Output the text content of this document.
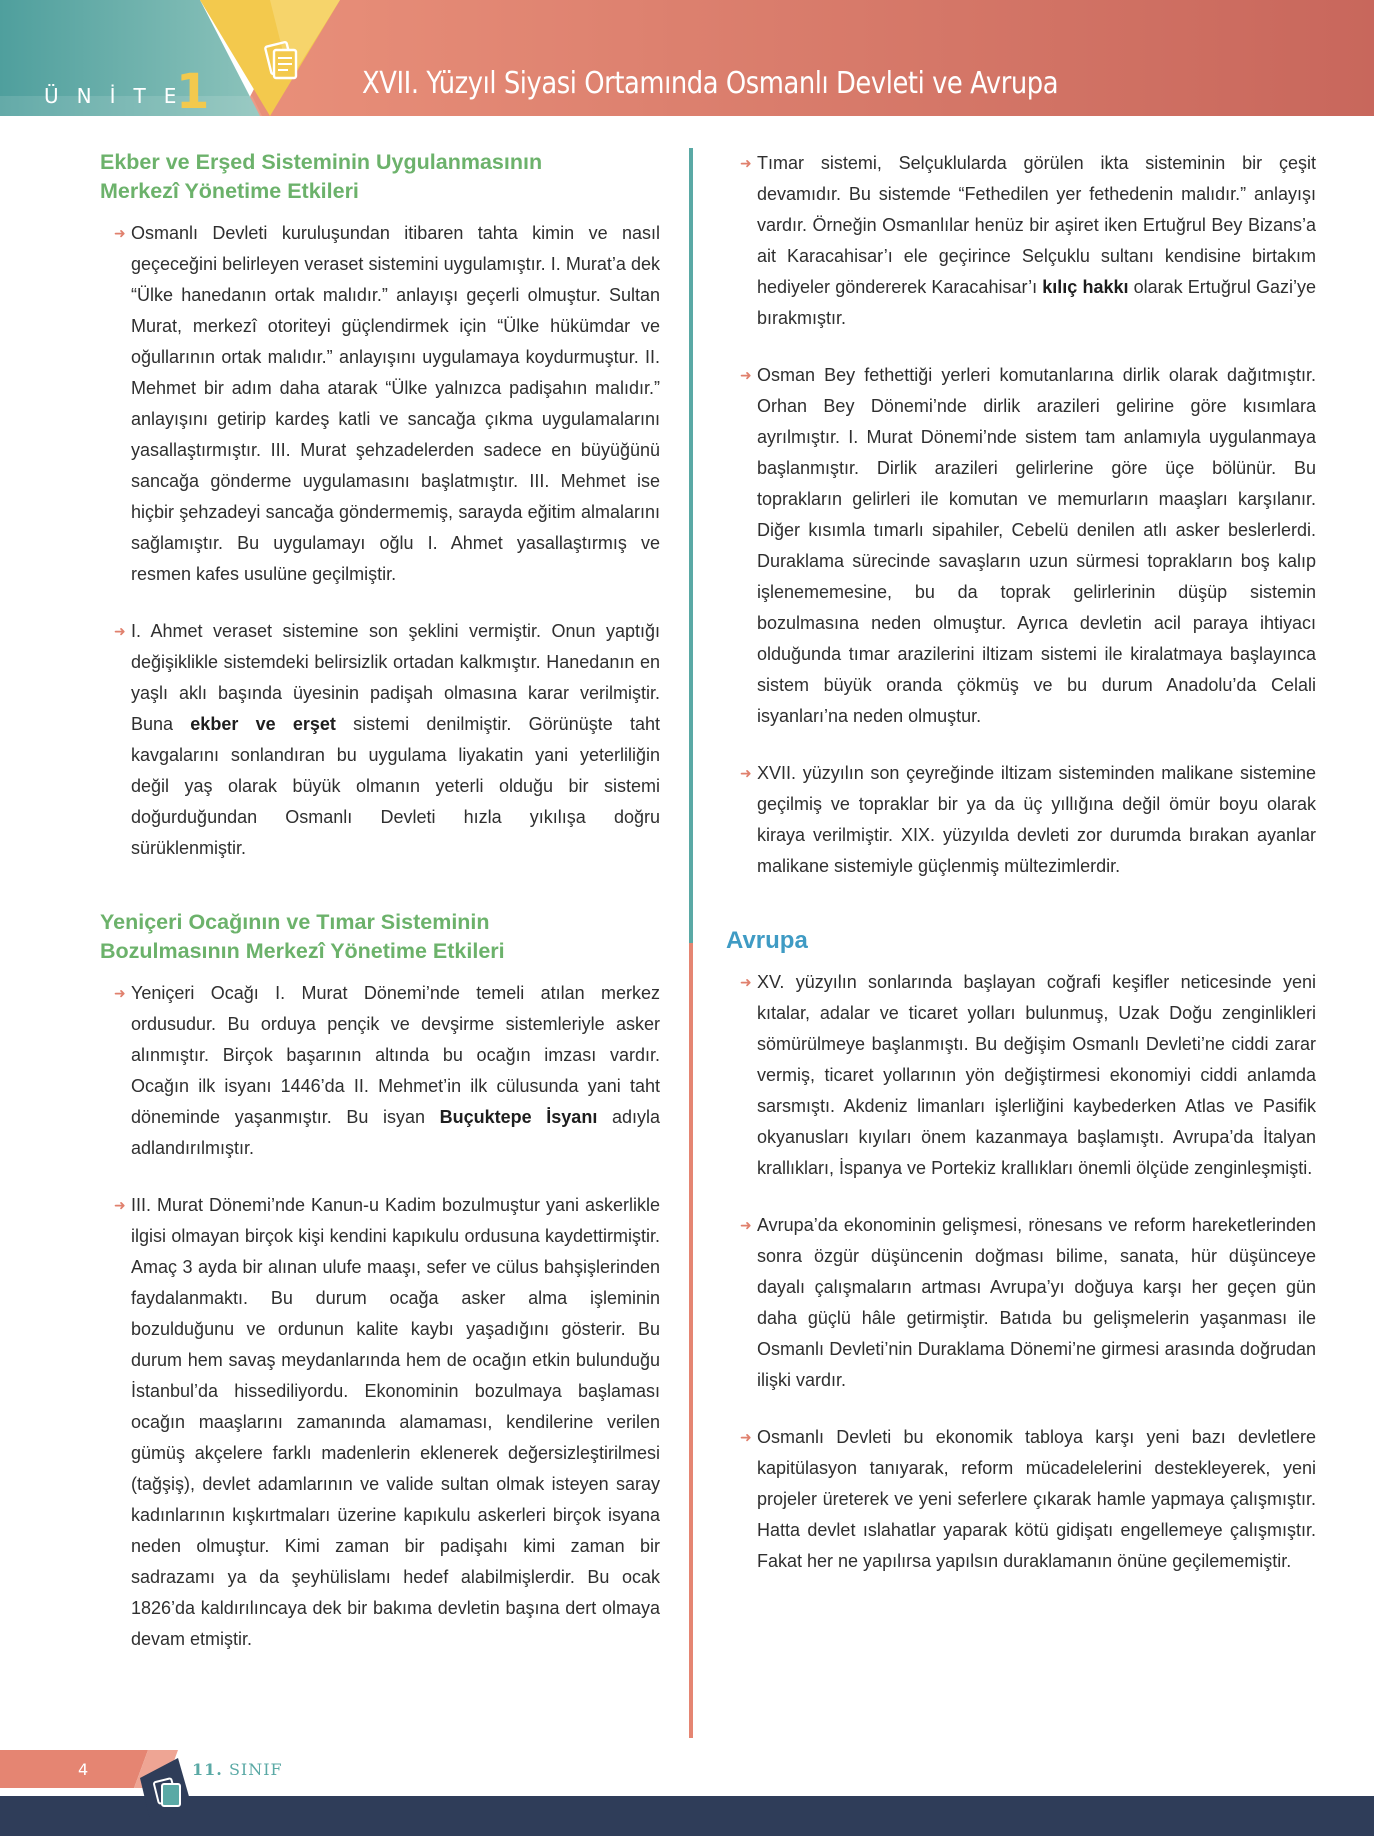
ÜNİTE
1	XVII. Yüzyıl Siyasi Ortamında Osmanlı Devleti ve Avrupa
Ekber ve Erşed Sisteminin Uygulanmasının
Merkezî Yönetime Etkileri
➜ Osmanlı Devleti kuruluşundan itibaren tahta kimin ve nasıl geçeceğini belirleyen veraset sistemini uygulamıştır. I. Murat’a dek “Ülke hanedanın ortak malıdır.” anlayışı geçerli olmuştur. Sultan Murat, merkezî otoriteyi güçlendirmek için “Ülke hükümdar ve oğullarının ortak malıdır.” anlayışını uygulamaya koydurmuştur. II. Mehmet bir adım daha atarak “Ülke yalnızca padişahın malıdır.” anlayışını getirip kardeş katli ve sancağa çıkma uygulamalarını yasallaştırmıştır. III. Murat şehzadelerden sadece en büyüğünü sancağa gönderme uygulamasını başlatmıştır. III. Mehmet ise hiçbir şehzadeyi sancağa göndermemiş, sarayda eğitim almalarını sağlamıştır. Bu uygulamayı oğlu I. Ahmet yasallaştırmış ve resmen kafes usulüne geçilmiştir.

➜ I. Ahmet veraset sistemine son şeklini vermiştir. Onun yaptığı değişiklikle sistemdeki belirsizlik ortadan kalkmıştır. Hanedanın en yaşlı aklı başında üyesinin padişah olmasına karar verilmiştir. Buna ekber ve erşet sistemi denilmiştir. Görünüşte taht kavgalarını sonlandıran bu uygulama liyakatin yani yeterliliğin değil yaş olarak büyük olmanın yeterli olduğu bir sistemi doğurduğundan Osmanlı Devleti hızla yıkılışa doğru sürüklenmiştir.

Yeniçeri Ocağının ve Tımar Sisteminin
Bozulmasının Merkezî Yönetime Etkileri
➜ Yeniçeri Ocağı I. Murat Dönemi’nde temeli atılan merkez ordusudur. Bu orduya pençik ve devşirme sistemleriyle asker alınmıştır. Birçok başarının altında bu ocağın imzası vardır. Ocağın ilk isyanı 1446’da II. Mehmet’in ilk cülusunda yani taht döneminde yaşanmıştır. Bu isyan Buçuktepe İsyanı adıyla adlandırılmıştır.

➜ III. Murat Dönemi’nde Kanun-u Kadim bozulmuştur yani askerlikle ilgisi olmayan birçok kişi kendini kapıkulu ordusuna kaydettirmiştir. Amaç 3 ayda bir alınan ulufe maaşı, sefer ve cülus bahşişlerinden faydalanmaktı. Bu durum ocağa asker alma işleminin bozulduğunu ve ordunun kalite kaybı yaşadığını gösterir. Bu durum hem savaş meydanlarında hem de ocağın etkin bulunduğu İstanbul’da hissediliyordu. Ekonominin bozulmaya başlaması ocağın maaşlarını zamanında alamaması, kendilerine verilen gümüş akçelere farklı madenlerin eklenerek değersizleştirilmesi (tağşiş), devlet adamlarının ve valide sultan olmak isteyen saray kadınlarının kışkırtmaları üzerine kapıkulu askerleri birçok isyana neden olmuştur. Kimi zaman bir padişahı kimi zaman bir sadrazamı ya da şeyhülislamı hedef alabilmişlerdir. Bu ocak 1826’da kaldırılıncaya dek bir bakıma devletin başına dert olmaya devam etmiştir.

➜ Tımar sistemi, Selçuklularda görülen ikta sisteminin bir çeşit devamıdır. Bu sistemde “Fethedilen yer fethedenin malıdır.” anlayışı vardır. Örneğin Osmanlılar henüz bir aşiret iken Ertuğrul Bey Bizans’a ait Karacahisar’ı ele geçirince Selçuklu sultanı kendisine birtakım hediyeler göndererek Karacahisar’ı kılıç hakkı olarak Ertuğrul Gazi’ye bırakmıştır.

➜ Osman Bey fethettiği yerleri komutanlarına dirlik olarak dağıtmıştır. Orhan Bey Dönemi’nde dirlik arazileri gelirine göre kısımlara ayrılmıştır. I. Murat Dönemi’nde sistem tam anlamıyla uygulanmaya başlanmıştır. Dirlik arazileri gelirlerine göre üçe bölünür. Bu toprakların gelirleri ile komutan ve memurların maaşları karşılanır. Diğer kısımla tımarlı sipahiler, Cebelü denilen atlı asker beslerlerdi. Duraklama sürecinde savaşların uzun sürmesi toprakların boş kalıp işlenememesine, bu da toprak gelirlerinin düşüp sistemin bozulmasına neden olmuştur. Ayrıca devletin acil paraya ihtiyacı olduğunda tımar arazilerini iltizam sistemi ile kiralatmaya başlayınca sistem büyük oranda çökmüş ve bu durum Anadolu’da Celali isyanları’na neden olmuştur.

➜ XVII. yüzyılın son çeyreğinde iltizam sisteminden malikane sistemine geçilmiş ve topraklar bir ya da üç yıllığına değil ömür boyu olarak kiraya verilmiştir. XIX. yüzyılda devleti zor durumda bırakan ayanlar malikane sistemiyle güçlenmiş mültezimlerdir.

Avrupa
➜ XV. yüzyılın sonlarında başlayan coğrafi keşifler neticesinde yeni kıtalar, adalar ve ticaret yolları bulunmuş, Uzak Doğu zenginlikleri sömürülmeye başlanmıştı. Bu değişim Osmanlı Devleti’ne ciddi zarar vermiş, ticaret yollarının yön değiştirmesi ekonomiyi ciddi anlamda sarsmıştı. Akdeniz limanları işlerliğini kaybederken Atlas ve Pasifik okyanusları kıyıları önem kazanmaya başlamıştı. Avrupa’da İtalyan krallıkları, İspanya ve Portekiz krallıkları önemli ölçüde zenginleşmişti.

➜ Avrupa’da ekonominin gelişmesi, rönesans ve reform hareketlerinden sonra özgür düşüncenin doğması bilime, sanata, hür düşünceye dayalı çalışmaların artması Avrupa’yı doğuya karşı her geçen gün daha güçlü hâle getirmiştir. Batıda bu gelişmelerin yaşanması ile Osmanlı Devleti’nin Duraklama Dönemi’ne girmesi arasında doğrudan ilişki vardır.

➜ Osmanlı Devleti bu ekonomik tabloya karşı yeni bazı devletlere kapitülasyon tanıyarak, reform mücadelelerini destekleyerek, yeni projeler üreterek ve yeni seferlere çıkarak hamle yapmaya çalışmıştır. Hatta devlet ıslahatlar yaparak kötü gidişatı engellemeye çalışmıştır. Fakat her ne yapılırsa yapılsın duraklamanın önüne geçilememiştir.

4	11. SINIF
